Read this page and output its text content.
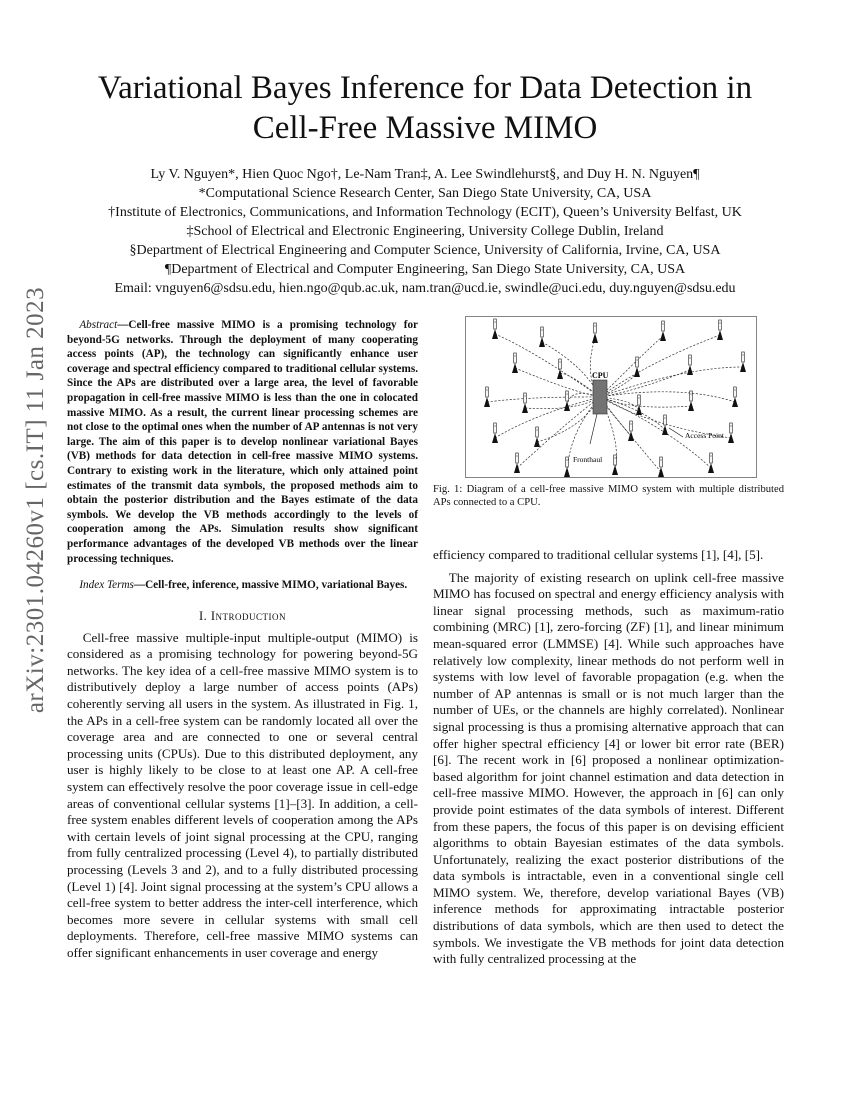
arXiv:2301.04260v1 [cs.IT] 11 Jan 2023
Variational Bayes Inference for Data Detection in
Cell-Free Massive MIMO
Ly V. Nguyen*, Hien Quoc Ngo†, Le-Nam Tran‡, A. Lee Swindlehurst§, and Duy H. N. Nguyen¶
*Computational Science Research Center, San Diego State University, CA, USA
†Institute of Electronics, Communications, and Information Technology (ECIT), Queen’s University Belfast, UK
‡School of Electrical and Electronic Engineering, University College Dublin, Ireland
§Department of Electrical Engineering and Computer Science, University of California, Irvine, CA, USA
¶Department of Electrical and Computer Engineering, San Diego State University, CA, USA
Email: vnguyen6@sdsu.edu, hien.ngo@qub.ac.uk, nam.tran@ucd.ie, swindle@uci.edu, duy.nguyen@sdsu.edu

Abstract—Cell-free massive MIMO is a promising technology for beyond-5G networks. Through the deployment of many cooperating access points (AP), the technology can significantly enhance user coverage and spectral efficiency compared to traditional cellular systems. Since the APs are distributed over a large area, the level of favorable propagation in cell-free massive MIMO is less than the one in colocated massive MIMO. As a result, the current linear processing schemes are not close to the optimal ones when the number of AP antennas is not very large. The aim of this paper is to develop nonlinear variational Bayes (VB) methods for data detection in cell-free massive MIMO systems. Contrary to existing work in the literature, which only attained point estimates of the transmit data symbols, the proposed methods aim to obtain the posterior distribution and the Bayes estimate of the data symbols. We develop the VB methods accordingly to the levels of cooperation among the APs. Simulation results show significant performance advantages of the developed VB methods over the linear processing techniques.

Index Terms—Cell-free, inference, massive MIMO, variational Bayes.

I. Introduction

Cell-free massive multiple-input multiple-output (MIMO) is considered as a promising technology for powering beyond-5G networks. The key idea of a cell-free massive MIMO system is to distributively deploy a large number of access points (APs) coherently serving all users in the system. As illustrated in Fig. 1, the APs in a cell-free system can be randomly located all over the coverage area and are connected to one or several central processing units (CPUs). Due to this distributed deployment, any user is highly likely to be close to at least one AP. A cell-free system can effectively resolve the poor coverage issue in cell-edge areas of conventional cellular systems [1]–[3]. In addition, a cell-free system enables different levels of cooperation among the APs with certain levels of joint signal processing at the CPU, ranging from fully centralized processing (Level 4), to partially distributed processing (Levels 3 and 2), and to a fully distributed processing (Level 1) [4]. Joint signal processing at the system’s CPU allows a cell-free system to better address the inter-cell interference, which becomes more severe in cellular systems with small cell deployments. Therefore, cell-free massive MIMO systems can offer significant enhancements in user coverage and energy

CPU
Access Point
Fronthaul
Fig. 1: Diagram of a cell-free massive MIMO system with multiple distributed APs connected to a CPU.

efficiency compared to traditional cellular systems [1], [4], [5].

The majority of existing research on uplink cell-free massive MIMO has focused on spectral and energy efficiency analysis with linear signal processing methods, such as maximum-ratio combining (MRC) [1], zero-forcing (ZF) [1], and linear minimum mean-squared error (LMMSE) [4]. While such approaches have relatively low complexity, linear methods do not perform well in systems with low level of favorable propagation (e.g. when the number of AP antennas is small or is not much larger than the number of UEs, or the channels are highly correlated). Nonlinear signal processing is thus a promising alternative approach that can offer higher spectral efficiency [4] or lower bit error rate (BER) [6]. The recent work in [6] proposed a nonlinear optimization-based algorithm for joint channel estimation and data detection in cell-free massive MIMO. However, the approach in [6] can only provide point estimates of the data symbols of interest. Different from these papers, the focus of this paper is on devising efficient algorithms to obtain Bayesian estimates of the data symbols. Unfortunately, realizing the exact posterior distributions of the data symbols is intractable, even in a conventional single cell MIMO system. We, therefore, develop variational Bayes (VB) inference methods for approximating intractable posterior distributions of data symbols, which are then used to detect the symbols. We investigate the VB methods for joint data detection with fully centralized processing at the
